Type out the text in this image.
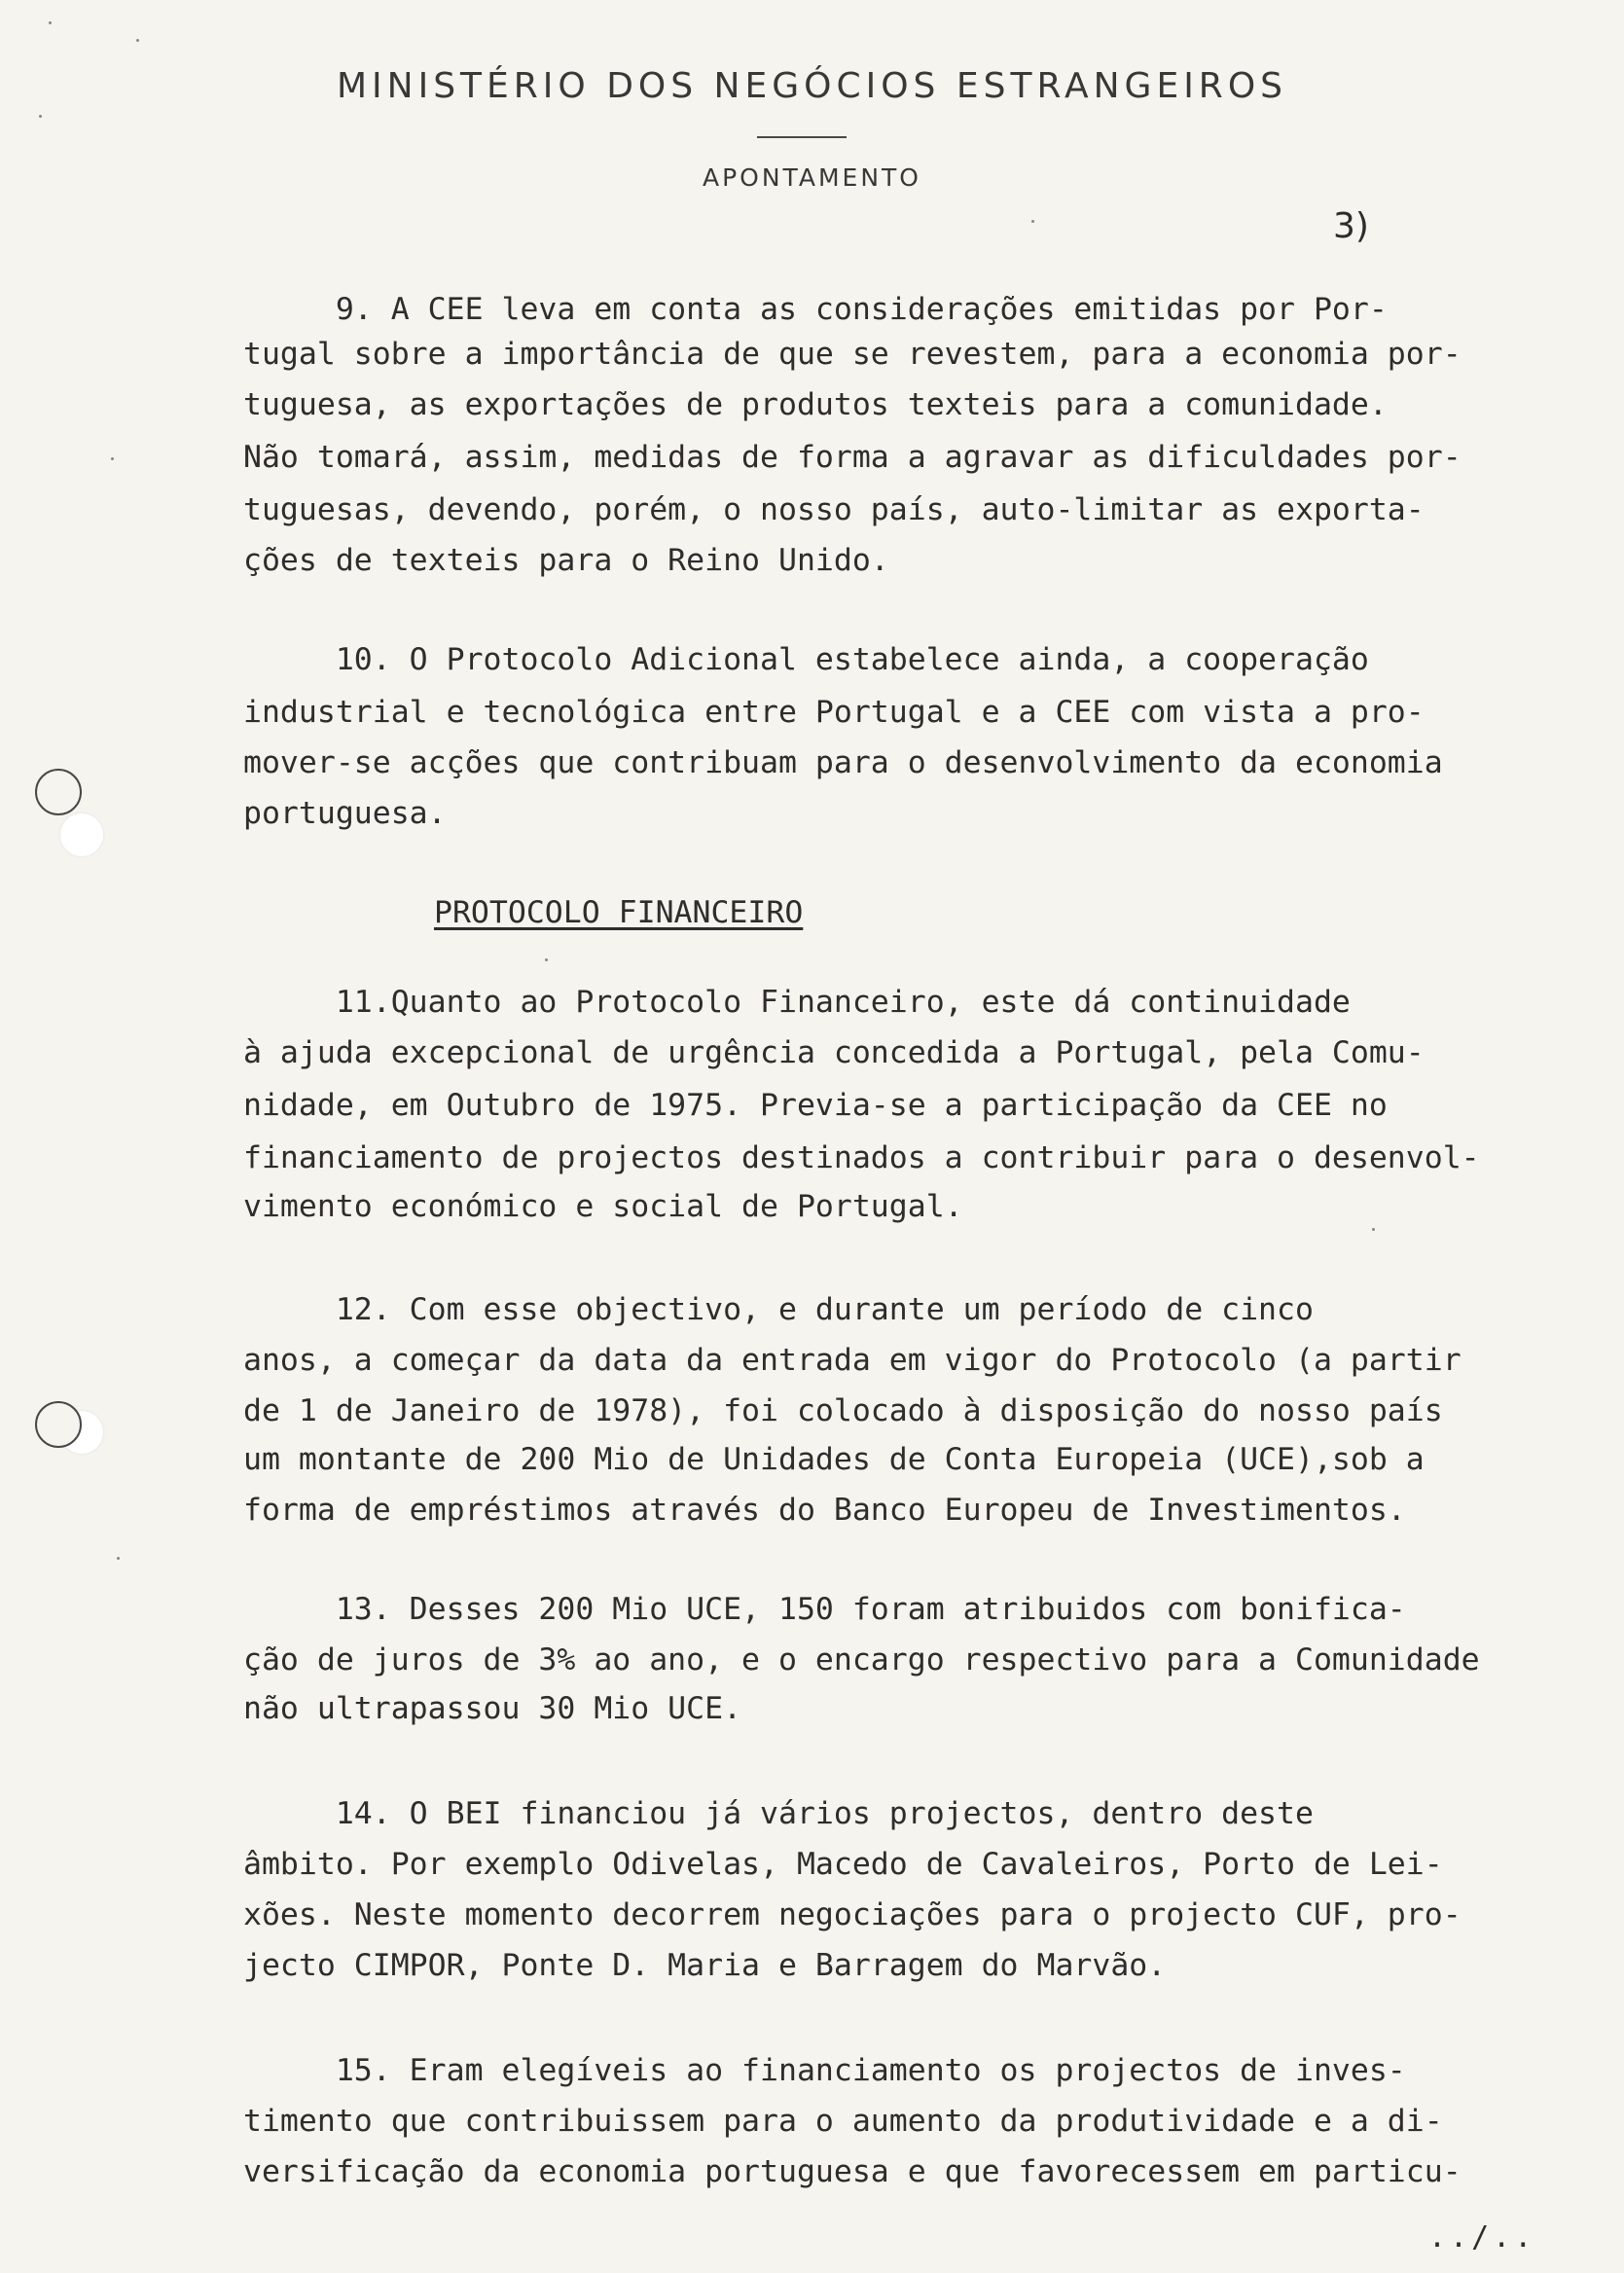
MINISTÉRIO DOS NEGÓCIOS ESTRANGEIROS
APONTAMENTO
3)
9. A CEE leva em conta as considerações emitidas por Por-
tugal sobre a importância de que se revestem, para a economia por-
tuguesa, as exportações de produtos texteis para a comunidade.
Não tomará, assim, medidas de forma a agravar as dificuldades por-
tuguesas, devendo, porém, o nosso país, auto-limitar as exporta-
ções de texteis para o Reino Unido.
10. O Protocolo Adicional estabelece ainda, a cooperação
industrial e tecnológica entre Portugal e a CEE com vista a pro-
mover-se acções que contribuam para o desenvolvimento da economia
portuguesa.
PROTOCOLO FINANCEIRO
11.Quanto ao Protocolo Financeiro, este dá continuidade
à ajuda excepcional de urgência concedida a Portugal, pela Comu-
nidade, em Outubro de 1975. Previa-se a participação da CEE no
financiamento de projectos destinados a contribuir para o desenvol-
vimento económico e social de Portugal.
12. Com esse objectivo, e durante um período de cinco
anos, a começar da data da entrada em vigor do Protocolo (a partir
de 1 de Janeiro de 1978), foi colocado à disposição do nosso país
um montante de 200 Mio de Unidades de Conta Europeia (UCE),sob a
forma de empréstimos através do Banco Europeu de Investimentos.
13. Desses 200 Mio UCE, 150 foram atribuidos com bonifica-
ção de juros de 3% ao ano, e o encargo respectivo para a Comunidade
não ultrapassou 30 Mio UCE.
14. O BEI financiou já vários projectos, dentro deste
âmbito. Por exemplo Odivelas, Macedo de Cavaleiros, Porto de Lei-
xões. Neste momento decorrem negociações para o projecto CUF, pro-
jecto CIMPOR, Ponte D. Maria e Barragem do Marvão.
15. Eram elegíveis ao financiamento os projectos de inves-
timento que contribuissem para o aumento da produtividade e a di-
versificação da economia portuguesa e que favorecessem em particu-
../..
